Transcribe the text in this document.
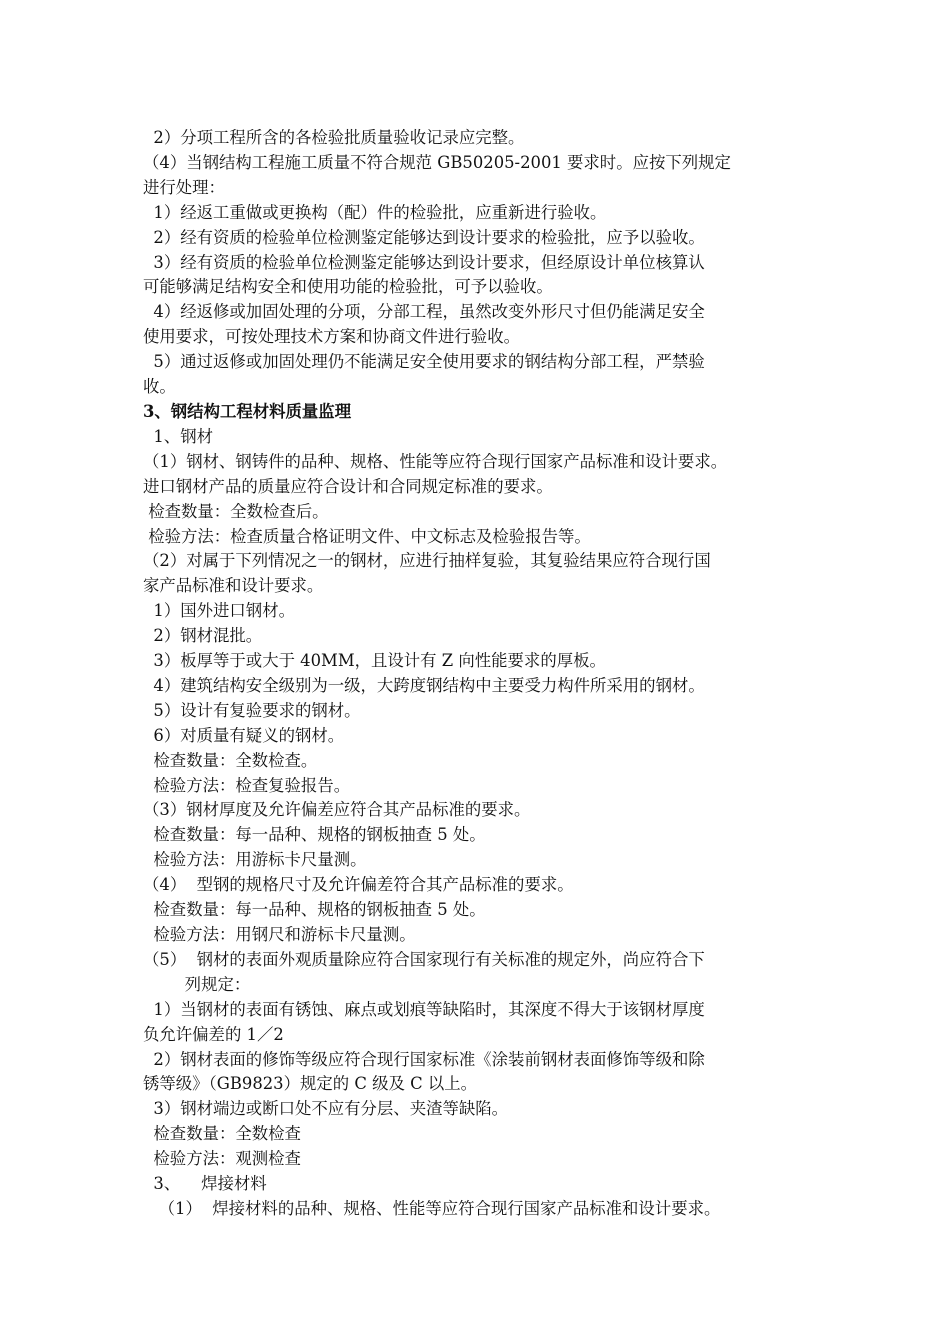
2）分项工程所含的各检验批质量验收记录应完整。
（4）当钢结构工程施工质量不符合规范 GB50205-2001 要求时。应按下列规定
进行处理：
1）经返工重做或更换构（配）件的检验批，应重新进行验收。
2）经有资质的检验单位检测鉴定能够达到设计要求的检验批，应予以验收。
3）经有资质的检验单位检测鉴定能够达到设计要求，但经原设计单位核算认
可能够满足结构安全和使用功能的检验批，可予以验收。
4）经返修或加固处理的分项，分部工程，虽然改变外形尺寸但仍能满足安全
使用要求，可按处理技术方案和协商文件进行验收。
5）通过返修或加固处理仍不能满足安全使用要求的钢结构分部工程，严禁验
收。
3、钢结构工程材料质量监理
1、钢材
（1）钢材、钢铸件的品种、规格、性能等应符合现行国家产品标准和设计要求。
进口钢材产品的质量应符合设计和合同规定标准的要求。
检查数量：全数检查后。
检验方法：检查质量合格证明文件、中文标志及检验报告等。
（2）对属于下列情况之一的钢材，应进行抽样复验，其复验结果应符合现行国
家产品标准和设计要求。
1）国外进口钢材。
2）钢材混批。
3）板厚等于或大于 40MM，且设计有 Z 向性能要求的厚板。
4）建筑结构安全级别为一级，大跨度钢结构中主要受力构件所采用的钢材。
5）设计有复验要求的钢材。
6）对质量有疑义的钢材。
检查数量：全数检查。
检验方法：检查复验报告。
（3）钢材厚度及允许偏差应符合其产品标准的要求。
检查数量：每一品种、规格的钢板抽查 5 处。
检验方法：用游标卡尺量测。
（4）  型钢的规格尺寸及允许偏差符合其产品标准的要求。
检查数量：每一品种、规格的钢板抽查 5 处。
检验方法：用钢尺和游标卡尺量测。
（5）  钢材的表面外观质量除应符合国家现行有关标准的规定外，尚应符合下
列规定：
1）当钢材的表面有锈蚀、麻点或划痕等缺陷时，其深度不得大于该钢材厚度
负允许偏差的 1／2
2）钢材表面的修饰等级应符合现行国家标准《涂装前钢材表面修饰等级和除
锈等级》（GB9823）规定的 C 级及 C 以上。
3）钢材端边或断口处不应有分层、夹渣等缺陷。
检查数量：全数检查
检验方法：观测检查
3、    焊接材料
（1）  焊接材料的品种、规格、性能等应符合现行国家产品标准和设计要求。
